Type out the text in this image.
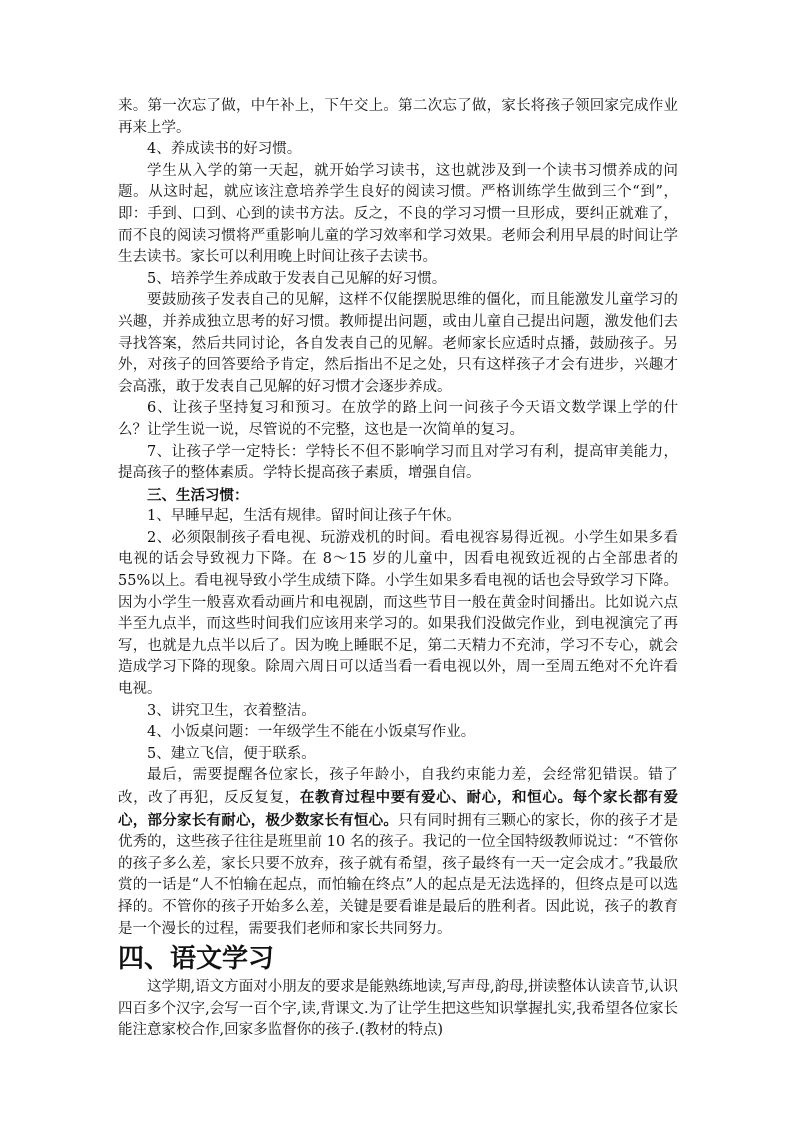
来。第一次忘了做，中午补上，下午交上。第二次忘了做，家长将孩子领回家完成作业再来上学。

4、养成读书的好习惯。

学生从入学的第一天起，就开始学习读书，这也就涉及到一个读书习惯养成的问题。从这时起，就应该注意培养学生良好的阅读习惯。严格训练学生做到三个“到”，即：手到、口到、心到的读书方法。反之，不良的学习习惯一旦形成，要纠正就难了，而不良的阅读习惯将严重影响儿童的学习效率和学习效果。老师会利用早晨的时间让学生去读书。家长可以利用晚上时间让孩子去读书。

5、培养学生养成敢于发表自己见解的好习惯。

要鼓励孩子发表自己的见解，这样不仅能摆脱思维的僵化，而且能激发儿童学习的兴趣，并养成独立思考的好习惯。教师提出问题，或由儿童自己提出问题，激发他们去寻找答案，然后共同讨论，各自发表自己的见解。老师家长应适时点播，鼓励孩子。另外，对孩子的回答要给予肯定，然后指出不足之处，只有这样孩子才会有进步，兴趣才会高涨，敢于发表自己见解的好习惯才会逐步养成。

6、让孩子坚持复习和预习。在放学的路上问一问孩子今天语文数学课上学的什么？让学生说一说，尽管说的不完整，这也是一次简单的复习。

7、让孩子学一定特长：学特长不但不影响学习而且对学习有利，提高审美能力，提高孩子的整体素质。学特长提高孩子素质，增强自信。

三、生活习惯：

1、早睡早起，生活有规律。留时间让孩子午休。

2、必须限制孩子看电视、玩游戏机的时间。看电视容易得近视。小学生如果多看电视的话会导致视力下降。在 8～15 岁的儿童中，因看电视致近视的占全部患者的 55%以上。看电视导致小学生成绩下降。小学生如果多看电视的话也会导致学习下降。因为小学生一般喜欢看动画片和电视剧，而这些节目一般在黄金时间播出。比如说六点半至九点半，而这些时间我们应该用来学习的。如果我们没做完作业，到电视演完了再写，也就是九点半以后了。因为晚上睡眠不足，第二天精力不充沛，学习不专心，就会造成学习下降的现象。除周六周日可以适当看一看电视以外，周一至周五绝对不允许看电视。

3、讲究卫生，衣着整洁。

4、小饭桌问题：一年级学生不能在小饭桌写作业。

5、建立飞信，便于联系。

最后，需要提醒各位家长，孩子年龄小，自我约束能力差，会经常犯错误。错了改，改了再犯，反反复复，在教育过程中要有爱心、耐心，和恒心。每个家长都有爱心，部分家长有耐心，极少数家长有恒心。只有同时拥有三颗心的家长，你的孩子才是优秀的，这些孩子往往是班里前 10 名的孩子。我记的一位全国特级教师说过：“不管你的孩子多么差，家长只要不放弃，孩子就有希望，孩子最终有一天一定会成才。”我最欣赏的一话是“人不怕输在起点，而怕输在终点”人的起点是无法选择的，但终点是可以选择的。不管你的孩子开始多么差，关键是要看谁是最后的胜利者。因此说，孩子的教育是一个漫长的过程，需要我们老师和家长共同努力。

四、语文学习

这学期,语文方面对小朋友的要求是能熟练地读,写声母,韵母,拼读整体认读音节,认识四百多个汉字,会写一百个字,读,背课文.为了让学生把这些知识掌握扎实,我希望各位家长能注意家校合作,回家多监督你的孩子.(教材的特点)
